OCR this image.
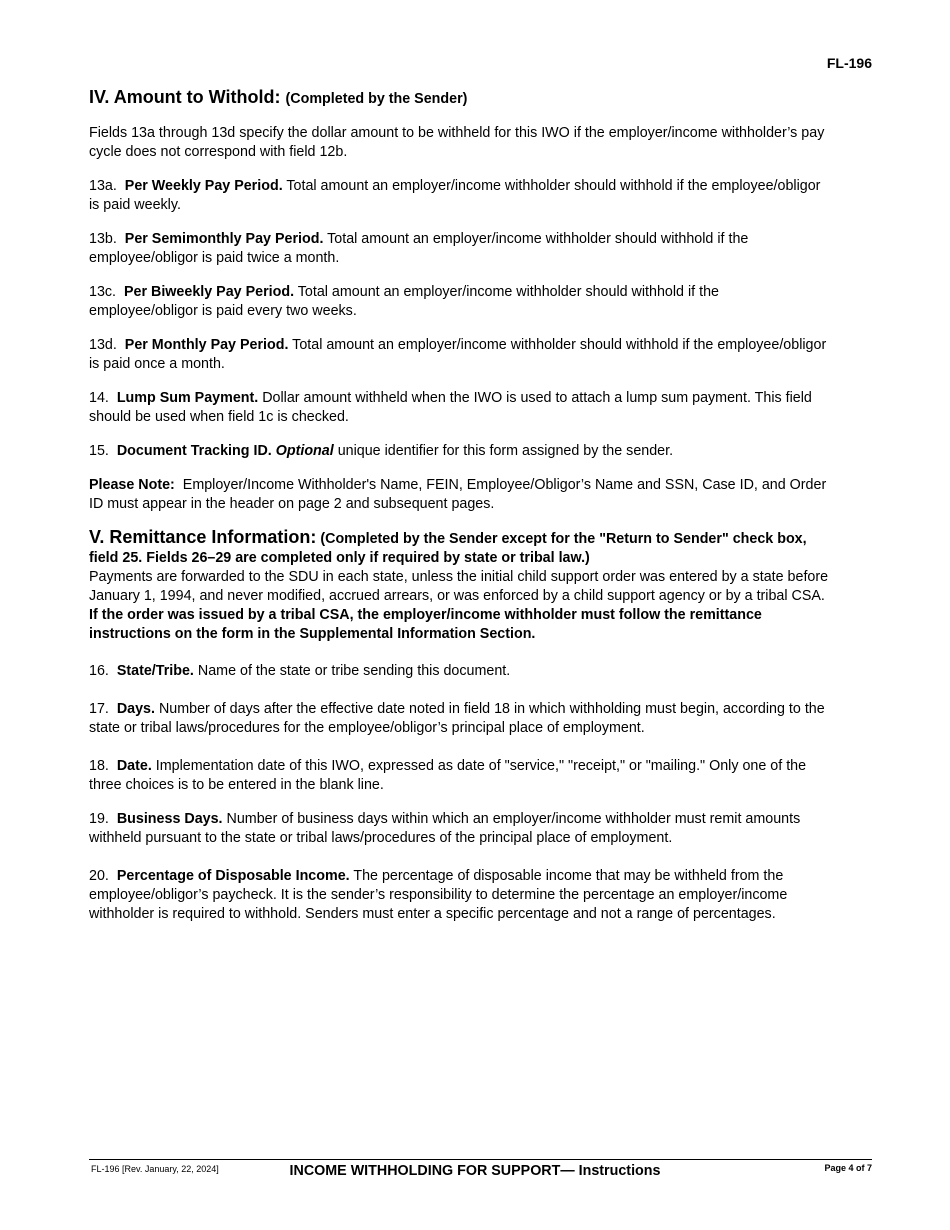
FL-196
IV. Amount to Withold: (Completed by the Sender)

Fields 13a through 13d specify the dollar amount to be withheld for this IWO if the employer/income withholder’s pay cycle does not correspond with field 12b.

13a. Per Weekly Pay Period. Total amount an employer/income withholder should withhold if the employee/obligor is paid weekly.

13b. Per Semimonthly Pay Period. Total amount an employer/income withholder should withhold if the employee/obligor is paid twice a month.

13c. Per Biweekly Pay Period. Total amount an employer/income withholder should withhold if the employee/obligor is paid every two weeks.

13d. Per Monthly Pay Period. Total amount an employer/income withholder should withhold if the employee/obligor is paid once a month.

14. Lump Sum Payment. Dollar amount withheld when the IWO is used to attach a lump sum payment. This field should be used when field 1c is checked.

15. Document Tracking ID. Optional unique identifier for this form assigned by the sender.

Please Note: Employer/Income Withholder's Name, FEIN, Employee/Obligor’s Name and SSN, Case ID, and Order ID must appear in the header on page 2 and subsequent pages.

V. Remittance Information: (Completed by the Sender except for the "Return to Sender" check box, field 25. Fields 26–29 are completed only if required by state or tribal law.)

Payments are forwarded to the SDU in each state, unless the initial child support order was entered by a state before January 1, 1994, and never modified, accrued arrears, or was enforced by a child support agency or by a tribal CSA. If the order was issued by a tribal CSA, the employer/income withholder must follow the remittance instructions on the form in the Supplemental Information Section.

16. State/Tribe. Name of the state or tribe sending this document.

17. Days. Number of days after the effective date noted in field 18 in which withholding must begin, according to the state or tribal laws/procedures for the employee/obligor’s principal place of employment.

18. Date. Implementation date of this IWO, expressed as date of "service," "receipt," or "mailing." Only one of the three choices is to be entered in the blank line.

19. Business Days. Number of business days within which an employer/income withholder must remit amounts withheld pursuant to the state or tribal laws/procedures of the principal place of employment.

20. Percentage of Disposable Income. The percentage of disposable income that may be withheld from the employee/obligor’s paycheck. It is the sender’s responsibility to determine the percentage an employer/income withholder is required to withhold. Senders must enter a specific percentage and not a range of percentages.

FL-196 [Rev. January, 22, 2024]	INCOME WITHHOLDING FOR SUPPORT— Instructions	Page 4 of 7
